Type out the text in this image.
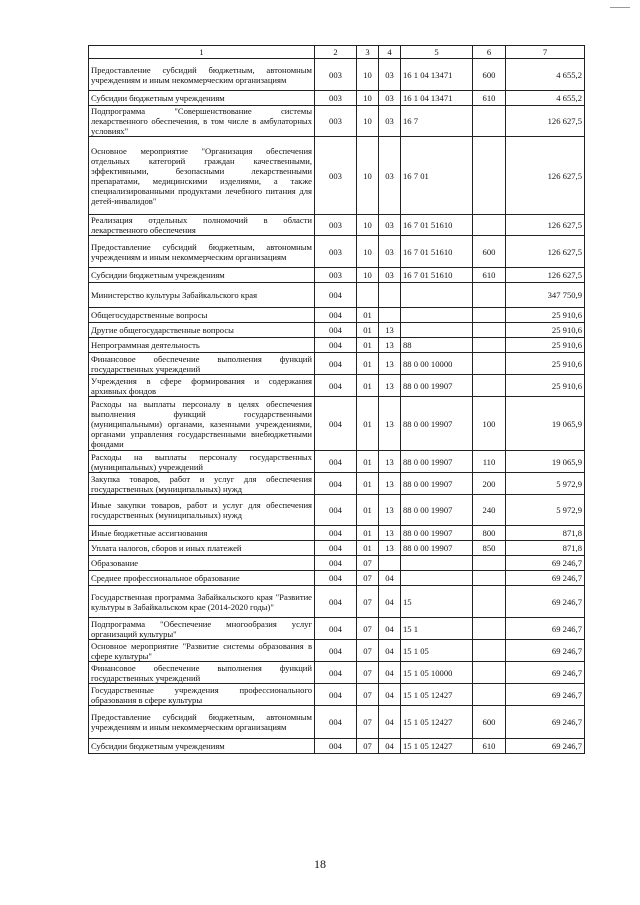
1	2	3	4	5	6	7
Предоставление субсидий бюджетным, автономным учреждениям и иным некоммерческим организациям	003	10	03	16 1 04 13471	600	4 655,2
Субсидии бюджетным учреждениям	003	10	03	16 1 04 13471	610	4 655,2
Подпрограмма "Совершенствование системы лекарственного обеспечения, в том числе в амбулаторных условиях"	003	10	03	16 7		126 627,5
Основное мероприятие "Организация обеспечения отдельных категорий граждан качественными, эффективными, безопасными лекарственными препаратами, медицинскими изделиями, а также специализированными продуктами лечебного питания для детей-инвалидов"	003	10	03	16 7 01		126 627,5
Реализация отдельных полномочий в области лекарственного обеспечения	003	10	03	16 7 01 51610		126 627,5
Предоставление субсидий бюджетным, автономным учреждениям и иным некоммерческим организациям	003	10	03	16 7 01 51610	600	126 627,5
Субсидии бюджетным учреждениям	003	10	03	16 7 01 51610	610	126 627,5
Министерство культуры Забайкальского края	004					347 750,9
Общегосударственные вопросы	004	01				25 910,6
Другие общегосударственные вопросы	004	01	13			25 910,6
Непрограммная деятельность	004	01	13	88		25 910,6
Финансовое обеспечение выполнения функций государственных учреждений	004	01	13	88 0 00 10000		25 910,6
Учреждения в сфере формирования и содержания архивных фондов	004	01	13	88 0 00 19907		25 910,6
Расходы на выплаты персоналу в целях обеспечения выполнения функций государственными (муниципальными) органами, казенными учреждениями, органами управления государственными внебюджетными фондами	004	01	13	88 0 00 19907	100	19 065,9
Расходы на выплаты персоналу государственных (муниципальных) учреждений	004	01	13	88 0 00 19907	110	19 065,9
Закупка товаров, работ и услуг для обеспечения государственных (муниципальных) нужд	004	01	13	88 0 00 19907	200	5 972,9
Иные закупки товаров, работ и услуг для обеспечения государственных (муниципальных) нужд	004	01	13	88 0 00 19907	240	5 972,9
Иные бюджетные ассигнования	004	01	13	88 0 00 19907	800	871,8
Уплата налогов, сборов и иных платежей	004	01	13	88 0 00 19907	850	871,8
Образование	004	07				69 246,7
Среднее профессиональное образование	004	07	04			69 246,7
Государственная программа Забайкальского края "Развитие культуры в Забайкальском крае (2014-2020 годы)"	004	07	04	15		69 246,7
Подпрограмма "Обеспечение многообразия услуг организаций культуры"	004	07	04	15 1		69 246,7
Основное мероприятие "Развитие системы образования в сфере культуры"	004	07	04	15 1 05		69 246,7
Финансовое обеспечение выполнения функций государственных учреждений	004	07	04	15 1 05 10000		69 246,7
Государственные учреждения профессионального образования в сфере культуры	004	07	04	15 1 05 12427		69 246,7
Предоставление субсидий бюджетным, автономным учреждениям и иным некоммерческим организациям	004	07	04	15 1 05 12427	600	69 246,7
Субсидии бюджетным учреждениям	004	07	04	15 1 05 12427	610	69 246,7
18
